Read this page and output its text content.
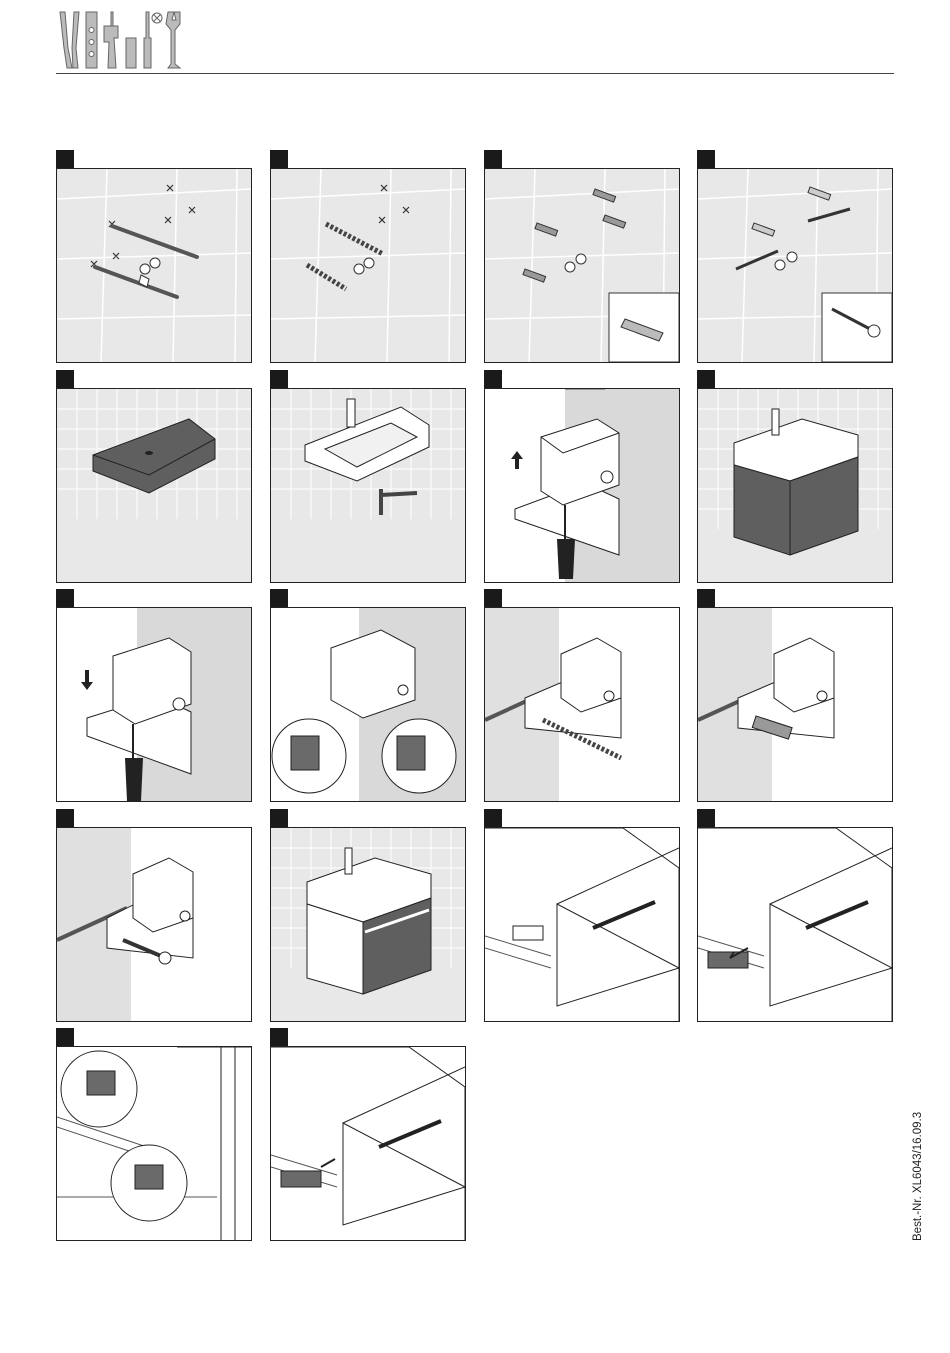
Best.-Nr. XL6043/16.09.3
